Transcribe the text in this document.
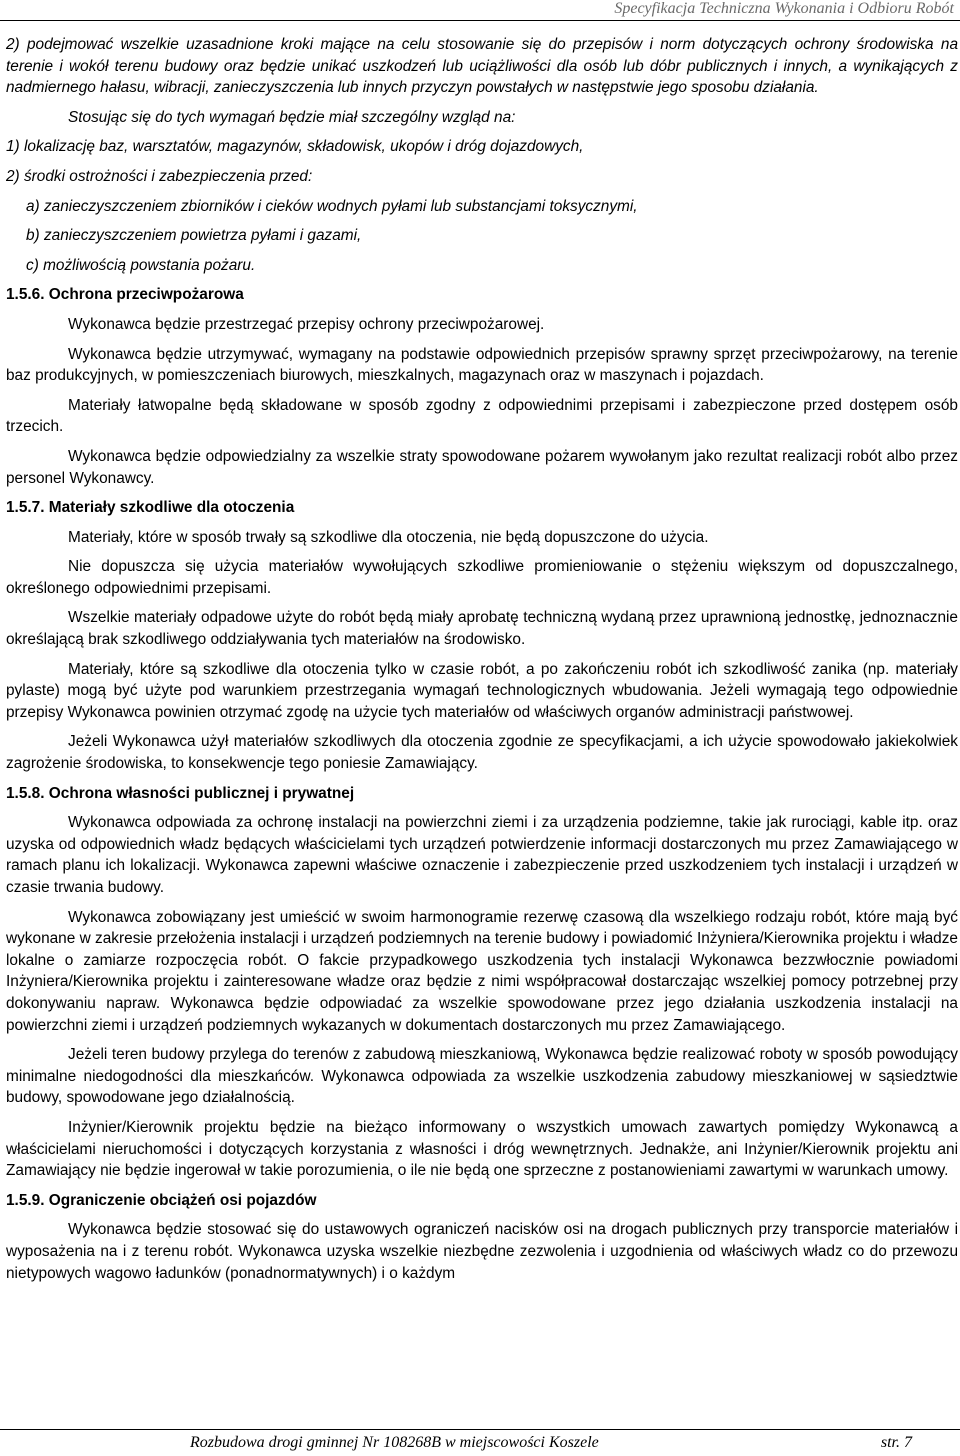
Specyfikacja Techniczna Wykonania i Odbioru Robót

2) podejmować wszelkie uzasadnione kroki mające na celu stosowanie się do przepisów i norm dotyczących ochrony środowiska na terenie i wokół terenu budowy oraz będzie unikać uszkodzeń lub uciążliwości dla osób lub dóbr publicznych i innych, a wynikających z nadmiernego hałasu, wibracji, zanieczyszczenia lub innych przyczyn powstałych w następstwie jego sposobu działania.

Stosując się do tych wymagań będzie miał szczególny wzgląd na:

1) lokalizację baz, warsztatów, magazynów, składowisk, ukopów i dróg dojazdowych,

2) środki ostrożności i zabezpieczenia przed:

a) zanieczyszczeniem zbiorników i cieków wodnych pyłami lub substancjami toksycznymi,

b) zanieczyszczeniem powietrza pyłami i gazami,

c) możliwością powstania pożaru.

1.5.6. Ochrona przeciwpożarowa

Wykonawca będzie przestrzegać przepisy ochrony przeciwpożarowej.

Wykonawca będzie utrzymywać, wymagany na podstawie odpowiednich przepisów sprawny sprzęt przeciwpożarowy, na terenie baz produkcyjnych, w pomieszczeniach biurowych, mieszkalnych, magazynach oraz w maszynach i pojazdach.

Materiały łatwopalne będą składowane w sposób zgodny z odpowiednimi przepisami i zabezpieczone przed dostępem osób trzecich.

Wykonawca będzie odpowiedzialny za wszelkie straty spowodowane pożarem wywołanym jako rezultat realizacji robót albo przez personel Wykonawcy.

1.5.7. Materiały szkodliwe dla otoczenia

Materiały, które w sposób trwały są szkodliwe dla otoczenia, nie będą dopuszczone do użycia.

Nie dopuszcza się użycia materiałów wywołujących szkodliwe promieniowanie o stężeniu większym od dopuszczalnego, określonego odpowiednimi przepisami.

Wszelkie materiały odpadowe użyte do robót będą miały aprobatę techniczną wydaną przez uprawnioną jednostkę, jednoznacznie określającą brak szkodliwego oddziaływania tych materiałów na środowisko.

Materiały, które są szkodliwe dla otoczenia tylko w czasie robót, a po zakończeniu robót ich szkodliwość zanika (np. materiały pylaste) mogą być użyte pod warunkiem przestrzegania wymagań technologicznych wbudowania. Jeżeli wymagają tego odpowiednie przepisy Wykonawca powinien otrzymać zgodę na użycie tych materiałów od właściwych organów administracji państwowej.

Jeżeli Wykonawca użył materiałów szkodliwych dla otoczenia zgodnie ze specyfikacjami, a ich użycie spowodowało jakiekolwiek zagrożenie środowiska, to konsekwencje tego poniesie Zamawiający.

1.5.8. Ochrona własności publicznej i prywatnej

Wykonawca odpowiada za ochronę instalacji na powierzchni ziemi i za urządzenia podziemne, takie jak rurociągi, kable itp. oraz uzyska od odpowiednich władz będących właścicielami tych urządzeń potwierdzenie informacji dostarczonych mu przez Zamawiającego w ramach planu ich lokalizacji. Wykonawca zapewni właściwe oznaczenie i zabezpieczenie przed uszkodzeniem tych instalacji i urządzeń w czasie trwania budowy.

Wykonawca zobowiązany jest umieścić w swoim harmonogramie rezerwę czasową dla wszelkiego rodzaju robót, które mają być wykonane w zakresie przełożenia instalacji i urządzeń podziemnych na terenie budowy i powiadomić Inżyniera/Kierownika projektu i władze lokalne o zamiarze rozpoczęcia robót. O fakcie przypadkowego uszkodzenia tych instalacji Wykonawca bezzwłocznie powiadomi Inżyniera/Kierownika projektu i zainteresowane władze oraz będzie z nimi współpracował dostarczając wszelkiej pomocy potrzebnej przy dokonywaniu napraw. Wykonawca będzie odpowiadać za wszelkie spowodowane przez jego działania uszkodzenia instalacji na powierzchni ziemi i urządzeń podziemnych wykazanych w dokumentach dostarczonych mu przez Zamawiającego.

Jeżeli teren budowy przylega do terenów z zabudową mieszkaniową, Wykonawca będzie realizować roboty w sposób powodujący minimalne niedogodności dla mieszkańców. Wykonawca odpowiada za wszelkie uszkodzenia zabudowy mieszkaniowej w sąsiedztwie budowy, spowodowane jego działalnością.

Inżynier/Kierownik projektu będzie na bieżąco informowany o wszystkich umowach zawartych pomiędzy Wykonawcą a właścicielami nieruchomości i dotyczących korzystania z własności i dróg wewnętrznych. Jednakże, ani Inżynier/Kierownik projektu ani Zamawiający nie będzie ingerował w takie porozumienia, o ile nie będą one sprzeczne z postanowieniami zawartymi w warunkach umowy.

1.5.9. Ograniczenie obciążeń osi pojazdów

Wykonawca będzie stosować się do ustawowych ograniczeń nacisków osi na drogach publicznych przy transporcie materiałów i wyposażenia na i z terenu robót. Wykonawca uzyska wszelkie niezbędne zezwolenia i uzgodnienia od właściwych władz co do przewozu nietypowych wagowo ładunków (ponadnormatywnych) i o każdym

Rozbudowa drogi gminnej Nr 108268B w miejscowości Koszele	str. 7
